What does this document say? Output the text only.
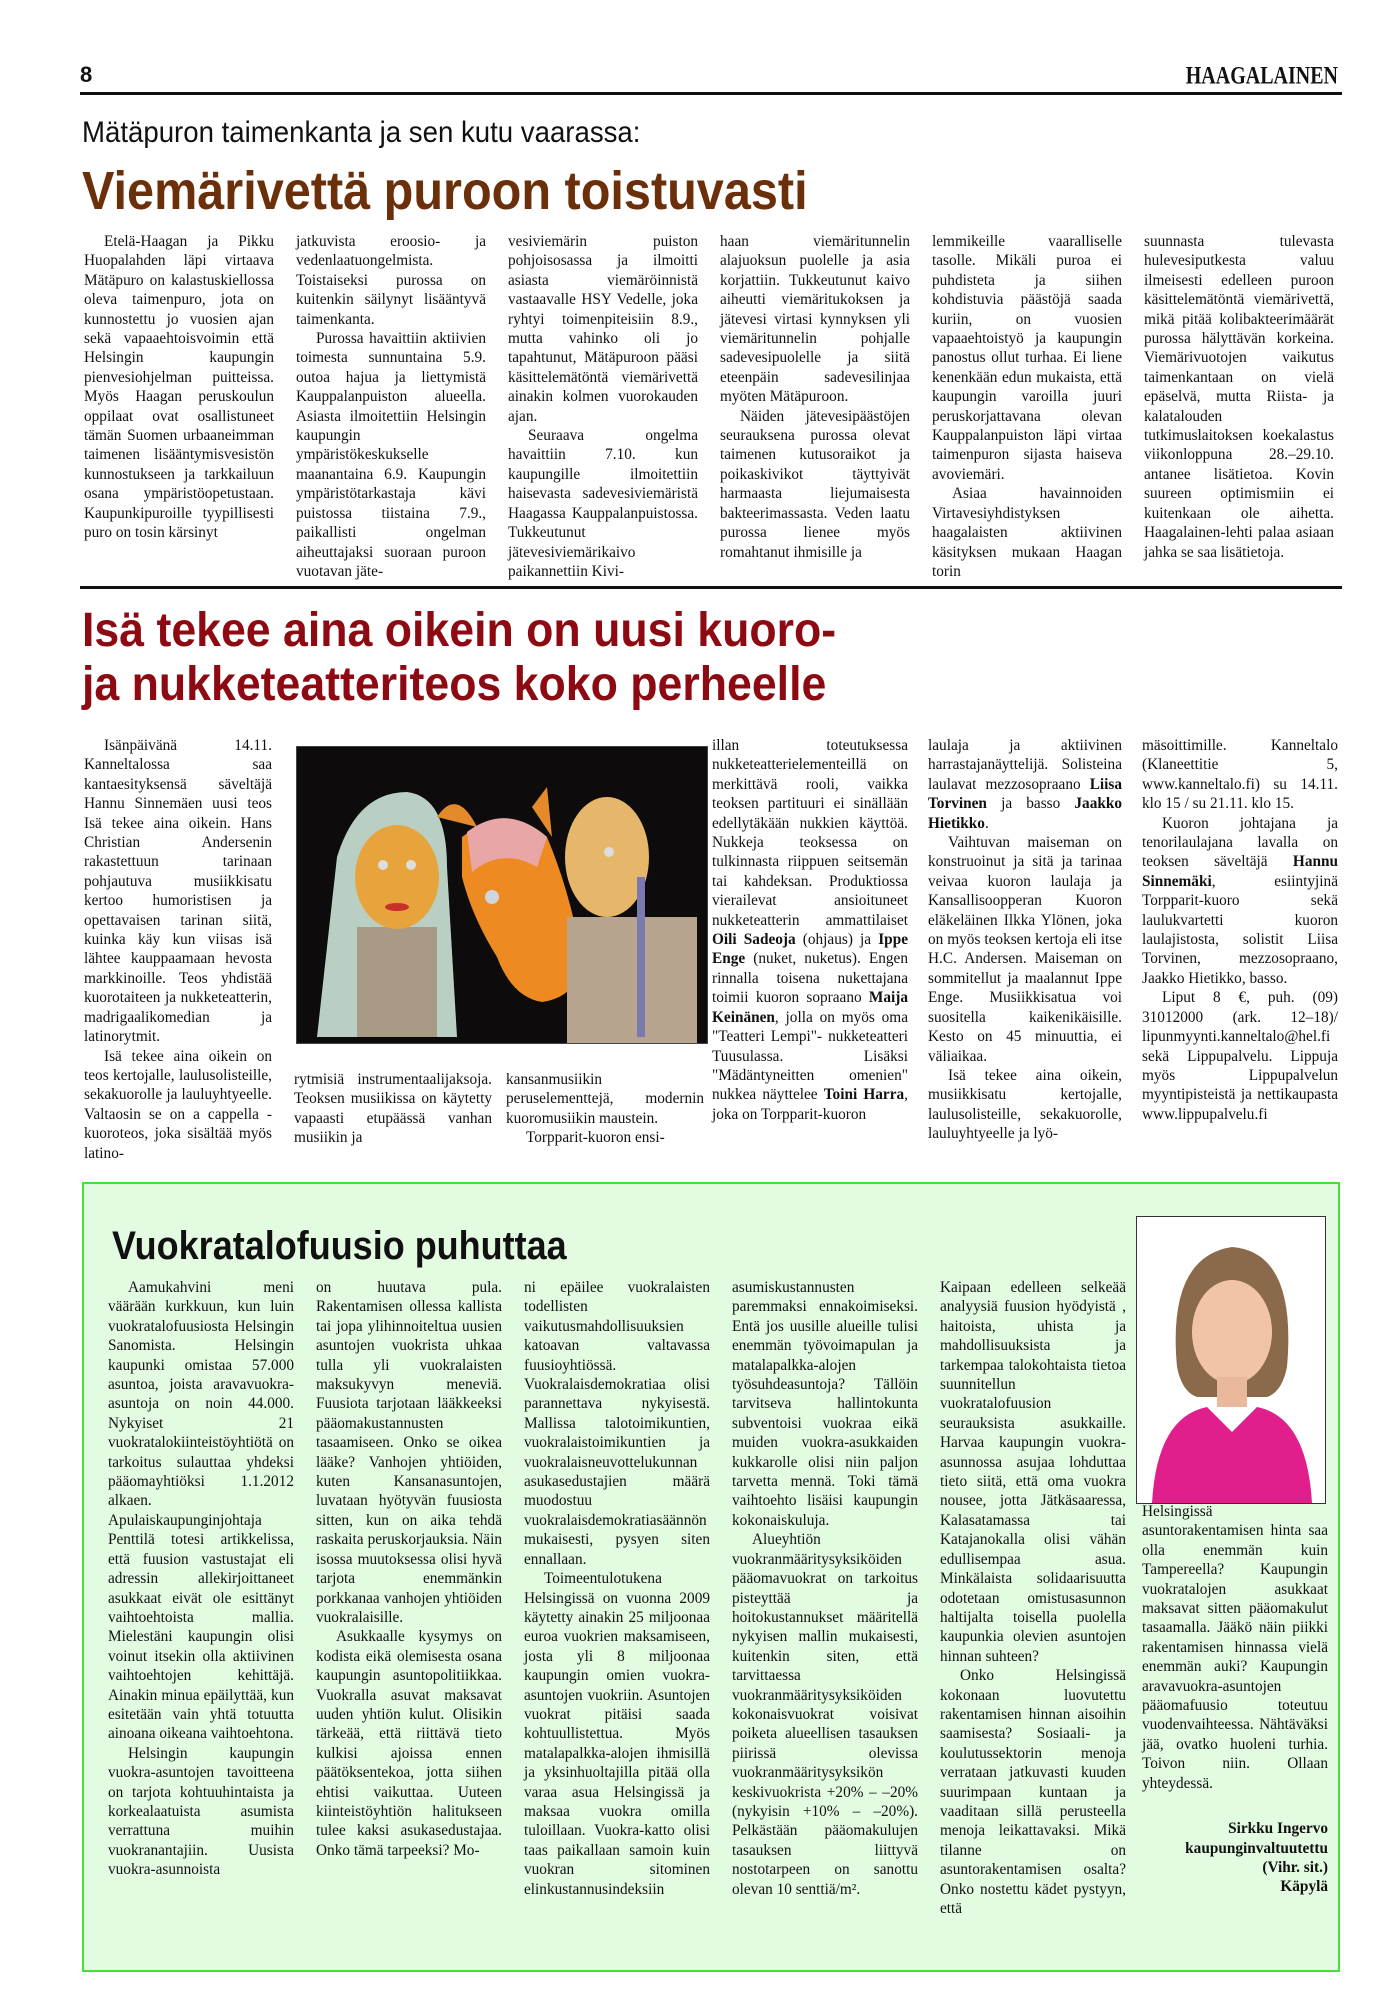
8	HAAGALAINEN
Mätäpuron taimenkanta ja sen kutu vaarassa:
Viemärivettä puroon toistuvasti

Etelä-Haagan ja Pikku Huopalahden läpi virtaava Mätäpuro on kalastuskiellossa oleva taimenpuro, jota on kunnostettu jo vuosien ajan sekä vapaaehtoisvoimin että Helsingin kaupungin pienvesiohjelman puitteissa. Myös Haagan peruskoulun oppilaat ovat osallistuneet tämän Suomen urbaaneimman taimenen lisääntymisvesistön kunnostukseen ja tarkkailuun osana ympäristöopetustaan. Kaupunkipuroille tyypillisesti puro on tosin kärsinyt

jatkuvista eroosio- ja vedenlaatuongelmista. Toistaiseksi purossa on kuitenkin säilynyt lisääntyvä taimenkanta.

Purossa havaittiin aktiivien toimesta sunnuntaina 5.9. outoa hajua ja liettymistä Kauppalanpuiston alueella. Asiasta ilmoitettiin Helsingin kaupungin ympäristökeskukselle maanantaina 6.9. Kaupungin ympäristötarkastaja kävi puistossa tiistaina 7.9., paikallisti ongelman aiheuttajaksi suoraan puroon vuotavan jäte-

vesiviemärin puiston pohjoisosassa ja ilmoitti asiasta viemäröinnistä vastaavalle HSY Vedelle, joka ryhtyi toimenpiteisiin 8.9., mutta vahinko oli jo tapahtunut, Mätäpuroon pääsi käsittelemätöntä viemärivettä ainakin kolmen vuorokauden ajan.

Seuraava ongelma havaittiin 7.10. kun kaupungille ilmoitettiin haisevasta sadevesiviemäristä Haagassa Kauppalanpuistossa. Tukkeutunut jätevesiviemärikaivo paikannettiin Kivi-

haan viemäritunnelin alajuoksun puolelle ja asia korjattiin. Tukkeutunut kaivo aiheutti viemäritukoksen ja jätevesi virtasi kynnyksen yli viemäritunnelin pohjalle sadevesipuolelle ja siitä eteenpäin sadevesilinjaa myöten Mätäpuroon.

Näiden jätevesipäästöjen seurauksena purossa olevat taimenen kutusoraikot ja poikaskivikot täyttyivät harmaasta liejumaisesta bakteerimassasta. Veden laatu purossa lienee myös romahtanut ihmisille ja

lemmikeille vaaralliselle tasolle. Mikäli puroa ei puhdisteta ja siihen kohdistuvia päästöjä saada kuriin, on vuosien vapaaehtoistyö ja kaupungin panostus ollut turhaa. Ei liene kenenkään edun mukaista, että kaupungin varoilla juuri peruskorjattavana olevan Kauppalanpuiston läpi virtaa taimenpuron sijasta haiseva avoviemäri.

Asiaa havainnoiden Virtavesiyhdistyksen haagalaisten aktiivinen käsityksen mukaan Haagan torin

suunnasta tulevasta hulevesiputkesta valuu ilmeisesti edelleen puroon käsittelemätöntä viemärivettä, mikä pitää kolibakteerimäärät purossa hälyttävän korkeina. Viemärivuotojen vaikutus taimenkantaan on vielä epäselvä, mutta Riista- ja kalatalouden tutkimuslaitoksen koekalastus viikonloppuna 28.–29.10. antanee lisätietoa. Kovin suureen optimismiin ei kuitenkaan ole aihetta. Haagalainen-lehti palaa asiaan jahka se saa lisätietoja.

Isä tekee aina oikein on uusi kuoro-
ja nukketeatteriteos koko perheelle

Isänpäivänä 14.11. Kanneltalossa saa kantaesityksensä säveltäjä Hannu Sinnemäen uusi teos Isä tekee aina oikein. Hans Christian Andersenin rakastettuun tarinaan pohjautuva musiikkisatu kertoo humoristisen ja opettavaisen tarinan siitä, kuinka käy kun viisas isä lähtee kauppaamaan hevosta markkinoille. Teos yhdistää kuorotaiteen ja nukketeatterin, madrigaalikomedian ja latinorytmit.

Isä tekee aina oikein on teos kertojalle, laulusolisteille, sekakuorolle ja lauluyhtyeelle. Valtaosin se on a cappella -kuoroteos, joka sisältää myös latino-

rytmisiä instrumentaalijaksoja. Teoksen musiikissa on käytetty vapaasti etupäässä vanhan musiikin ja

kansanmusiikin peruselementtejä, modernin kuoromusiikin maustein.

Torpparit-kuoron ensi-

illan toteutuksessa nukketeatterielementeillä on merkittävä rooli, vaikka teoksen partituuri ei sinällään edellytäkään nukkien käyttöä. Nukkeja teoksessa on tulkinnasta riippuen seitsemän tai kahdeksan. Produktiossa vierailevat ansioituneet nukketeatterin ammattilaiset Oili Sadeoja (ohjaus) ja Ippe Enge (nuket, nuketus). Engen rinnalla toisena nukettajana toimii kuoron sopraano Maija Keinänen, jolla on myös oma "Teatteri Lempi"- nukketeatteri Tuusulassa. Lisäksi "Mädäntyneitten omenien" nukkea näyttelee Toini Harra, joka on Torpparit-kuoron

laulaja ja aktiivinen harrastajanäyttelijä. Solisteina laulavat mezzosopraano Liisa Torvinen ja basso Jaakko Hietikko.

Vaihtuvan maiseman on konstruoinut ja sitä ja tarinaa veivaa kuoron laulaja ja Kansallisoopperan Kuoron eläkeläinen Ilkka Ylönen, joka on myös teoksen kertoja eli itse H.C. Andersen. Maiseman on sommitellut ja maalannut Ippe Enge. Musiikkisatua voi suositella kaikenikäisille. Kesto on 45 minuuttia, ei väliaikaa.

Isä tekee aina oikein, musiikkisatu kertojalle, laulusolisteille, sekakuorolle, lauluyhtyeelle ja lyö-

mäsoittimille. Kanneltalo (Klaneettitie 5, www.kanneltalo.fi) su 14.11. klo 15 / su 21.11. klo 15.

Kuoron johtajana ja tenorilaulajana lavalla on teoksen säveltäjä Hannu Sinnemäki, esiintyjinä Torpparit-kuoro sekä laulukvartetti kuoron laulajistosta, solistit Liisa Torvinen, mezzosopraano, Jaakko Hietikko, basso.

Liput 8 €, puh. (09) 31012000 (ark. 12–18)/ lipunmyynti.kanneltalo@hel.fi sekä Lippupalvelu. Lippuja myös Lippupalvelun myyntipisteistä ja nettikaupasta www.lippupalvelu.fi

Vuokratalofuusio puhuttaa

Aamukahvini meni väärään kurkkuun, kun luin vuokratalofuusiosta Helsingin Sanomista. Helsingin kaupunki omistaa 57.000 asuntoa, joista aravavuokra-asuntoja on noin 44.000. Nykyiset 21 vuokratalokiinteistöyhtiötä on tarkoitus sulauttaa yhdeksi pääomayhtiöksi 1.1.2012 alkaen. Apulaiskaupunginjohtaja Penttilä totesi artikkelissa, että fuusion vastustajat eli adressin allekirjoittaneet asukkaat eivät ole esittänyt vaihtoehtoista mallia. Mielestäni kaupungin olisi voinut itsekin olla aktiivinen vaihtoehtojen kehittäjä. Ainakin minua epäilyttää, kun esitetään vain yhtä totuutta ainoana oikeana vaihtoehtona.

Helsingin kaupungin vuokra-asuntojen tavoitteena on tarjota kohtuuhintaista ja korkealaatuista asumista verrattuna muihin vuokranantajiin. Uusista vuokra-asunnoista

on huutava pula. Rakentamisen ollessa kallista tai jopa ylihinnoiteltua uusien asuntojen vuokrista uhkaa tulla yli vuokralaisten maksukyvyn meneviä. Fuusiota tarjotaan lääkkeeksi pääomakustannusten tasaamiseen. Onko se oikea lääke? Vanhojen yhtiöiden, kuten Kansanasuntojen, luvataan hyötyvän fuusiosta sitten, kun on aika tehdä raskaita peruskorjauksia. Näin isossa muutoksessa olisi hyvä tarjota enemmänkin porkkanaa vanhojen yhtiöiden vuokralaisille.

Asukkaalle kysymys on kodista eikä olemisesta osana kaupungin asuntopolitiikkaa. Vuokralla asuvat maksavat uuden yhtiön kulut. Olisikin tärkeää, että riittävä tieto kulkisi ajoissa ennen päätöksentekoa, jotta siihen ehtisi vaikuttaa. Uuteen kiinteistöyhtiön halitukseen tulee kaksi asukasedustajaa. Onko tämä tarpeeksi? Mo-

ni epäilee vuokralaisten todellisten vaikutusmahdollisuuksien katoavan valtavassa fuusioyhtiössä. Vuokralaisdemokratiaa olisi parannettava nykyisestä. Mallissa talotoimikuntien, vuokralaistoimikuntien ja vuokralaisneuvottelukunnan asukasedustajien määrä muodostuu vuokralaisdemokratiasäännön mukaisesti, pysyen siten ennallaan.

Toimeentulotukena Helsingissä on vuonna 2009 käytetty ainakin 25 miljoonaa euroa vuokrien maksamiseen, josta yli 8 miljoonaa kaupungin omien vuokra-asuntojen vuokriin. Asuntojen vuokrat pitäisi saada kohtuullistettua. Myös matalapalkka-alojen ihmisillä ja yksinhuoltajilla pitää olla varaa asua Helsingissä ja maksaa vuokra omilla tuloillaan. Vuokra-katto olisi taas paikallaan samoin kuin vuokran sitominen elinkustannusindeksiin

asumiskustannusten paremmaksi ennakoimiseksi. Entä jos uusille alueille tulisi enemmän työvoimapulan ja matalapalkka-alojen työsuhdeasuntoja? Tällöin tarvitseva hallintokunta subventoisi vuokraa eikä muiden vuokra-asukkaiden kukkarolle olisi niin paljon tarvetta mennä. Toki tämä vaihtoehto lisäisi kaupungin kokonaiskuluja.

Alueyhtiön vuokranmääritysyksiköiden pääomavuokrat on tarkoitus pisteyttää ja hoitokustannukset määritellä nykyisen mallin mukaisesti, kuitenkin siten, että tarvittaessa vuokranmääritysyksiköiden kokonaisvuokrat voisivat poiketa alueellisen tasauksen piirissä olevissa vuokranmääritysyksikön keskivuokrista +20% – –20% (nykyisin +10% – –20%). Pelkästään pääomakulujen tasauksen liittyvä nostotarpeen on sanottu olevan 10 senttiä/m².

Kaipaan edelleen selkeää analyysiä fuusion hyödyistä , haitoista, uhista ja mahdollisuuksista ja tarkempaa talokohtaista tietoa suunnitellun vuokratalofuusion seurauksista asukkaille. Harvaa kaupungin vuokra-asunnossa asujaa lohduttaa tieto siitä, että oma vuokra nousee, jotta Jätkäsaaressa, Kalasatamassa tai Katajanokalla olisi vähän edullisempaa asua. Minkälaista solidaarisuutta odotetaan omistusasunnon haltijalta toisella puolella kaupunkia olevien asuntojen hinnan suhteen?

Onko Helsingissä kokonaan luovutettu rakentamisen hinnan aisoihin saamisesta? Sosiaali- ja koulutussektorin menoja verrataan jatkuvasti kuuden suurimpaan kuntaan ja vaaditaan sillä perusteella menoja leikattavaksi. Mikä tilanne on asuntorakentamisen osalta? Onko nostettu kädet pystyyn, että

Helsingissä asuntorakentamisen hinta saa olla enemmän kuin Tampereella? Kaupungin vuokratalojen asukkaat maksavat sitten pääomakulut tasaamalla. Jääkö näin piikki rakentamisen hinnassa vielä enemmän auki? Kaupungin aravavuokra-asuntojen pääomafuusio toteutuu vuodenvaihteessa. Nähtäväksi jää, ovatko huoleni turhia. Toivon niin. Ollaan yhteydessä.

Sirkku Ingervo
kaupunginvaltuutettu
(Vihr. sit.)
Käpylä
